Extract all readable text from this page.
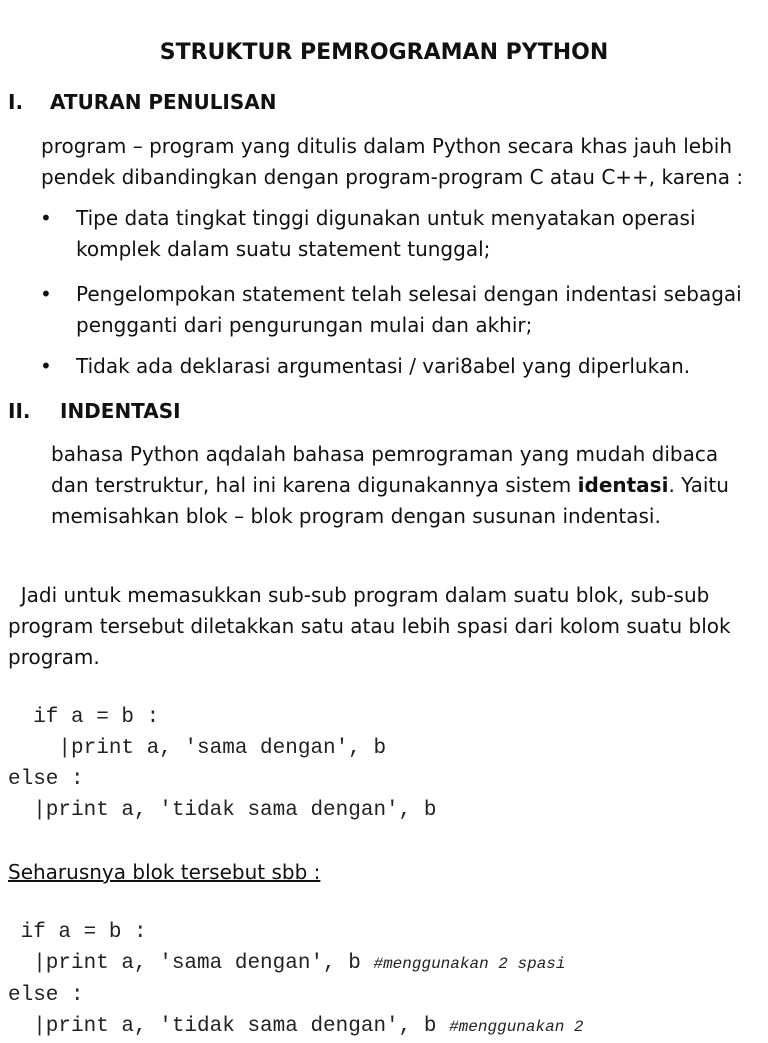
STRUKTUR PEMROGRAMAN PYTHON
I. ATURAN PENULISAN

program – program yang ditulis dalam Python secara khas jauh lebih
pendek dibandingkan dengan program-program C atau C++, karena :

• Tipe data tingkat tinggi digunakan untuk menyatakan operasi
komplek dalam suatu statement tunggal;
• Pengelompokan statement telah selesai dengan indentasi sebagai
pengganti dari pengurungan mulai dan akhir;
• Tidak ada deklarasi argumentasi / vari8abel yang diperlukan.
II. INDENTASI

bahasa Python aqdalah bahasa pemrograman yang mudah dibaca
dan terstruktur, hal ini karena digunakannya sistem identasi. Yaitu
memisahkan blok – blok program dengan susunan indentasi.

Jadi untuk memasukkan sub-sub program dalam suatu blok, sub-sub
program tersebut diletakkan satu atau lebih spasi dari kolom suatu blok
program.

if a = b :
|print a, 'sama dengan', b
else :
|print a, 'tidak sama dengan', b
Seharusnya blok tersebut sbb :
if a = b :
|print a, 'sama dengan', b #menggunakan 2 spasi
else :
|print a, 'tidak sama dengan', b #menggunakan 2
